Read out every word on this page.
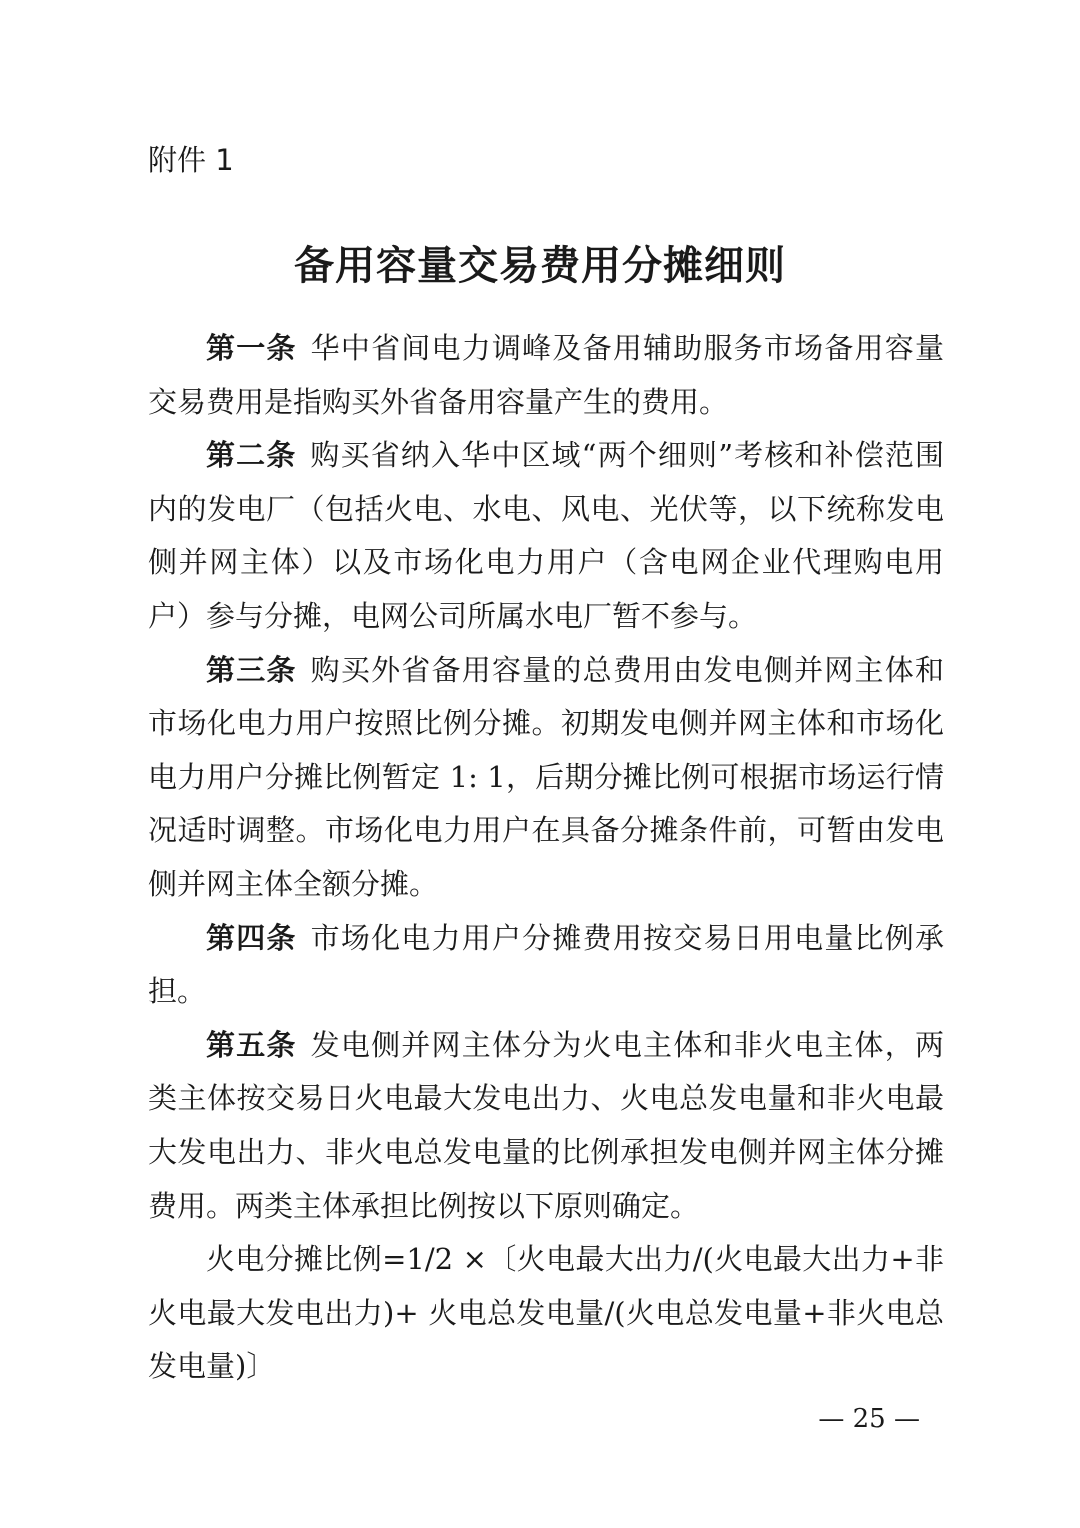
附件 1
备用容量交易费用分摊细则

第一条 华中省间电力调峰及备用辅助服务市场备用容量交易费用是指购买外省备用容量产生的费用。

第二条 购买省纳入华中区域“两个细则”考核和补偿范围内的发电厂（包括火电、水电、风电、光伏等，以下统称发电侧并网主体）以及市场化电力用户（含电网企业代理购电用户）参与分摊，电网公司所属水电厂暂不参与。

第三条 购买外省备用容量的总费用由发电侧并网主体和市场化电力用户按照比例分摊。初期发电侧并网主体和市场化电力用户分摊比例暂定 1: 1，后期分摊比例可根据市场运行情况适时调整。市场化电力用户在具备分摊条件前，可暂由发电侧并网主体全额分摊。

第四条 市场化电力用户分摊费用按交易日用电量比例承担。

第五条 发电侧并网主体分为火电主体和非火电主体，两类主体按交易日火电最大发电出力、火电总发电量和非火电最大发电出力、非火电总发电量的比例承担发电侧并网主体分摊费用。两类主体承担比例按以下原则确定。

火电分摊比例=1/2 ×〔火电最大出力/(火电最大出力+非火电最大发电出力)+ 火电总发电量/(火电总发电量+非火电总发电量)〕

— 25 —
